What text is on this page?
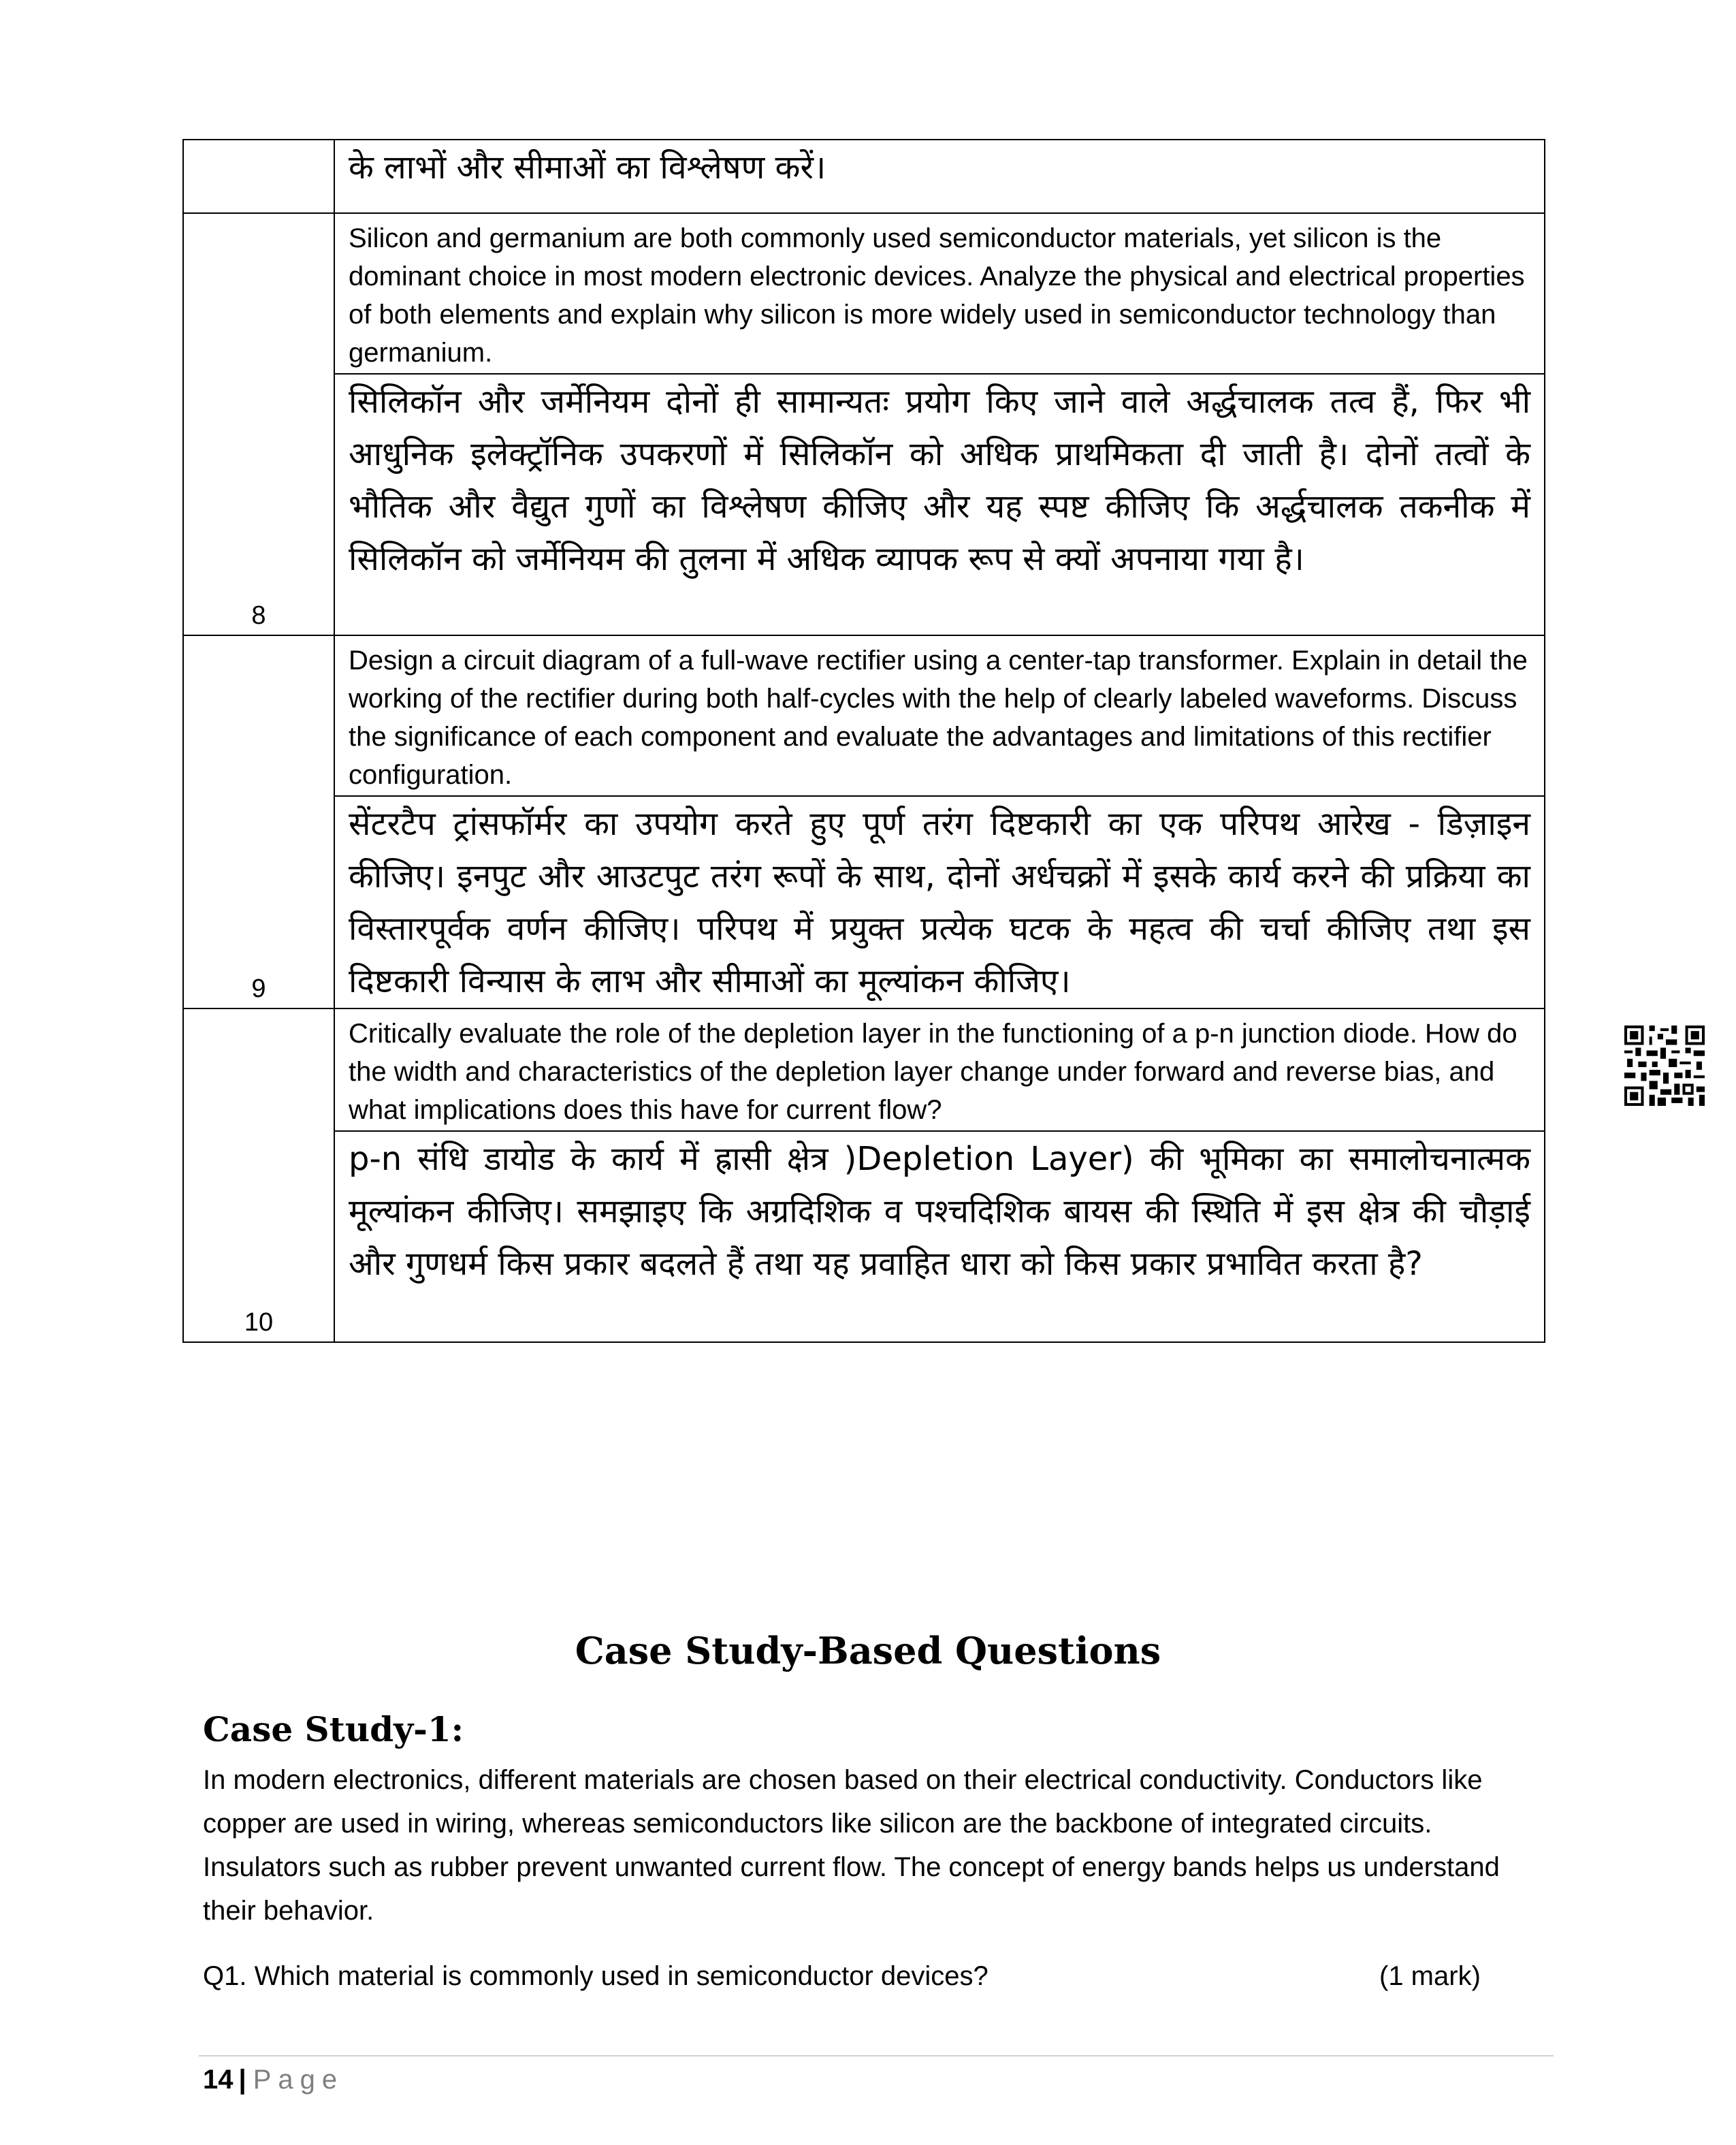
	के लाभों और सीमाओं का विश्लेषण करें।
	Silicon and germanium are both commonly used semiconductor materials, yet silicon is the dominant choice in most modern electronic devices. Analyze the physical and electrical properties of both elements and explain why silicon is more widely used in semiconductor technology than germanium.
8	सिलिकॉन और जर्मेनियम दोनों ही सामान्यतः प्रयोग किए जाने वाले अर्द्धचालक तत्व हैं, फिर भी आधुनिक इलेक्ट्रॉनिक उपकरणों में सिलिकॉन को अधिक प्राथमिकता दी जाती है। दोनों तत्वों के भौतिक और वैद्युत गुणों का विश्लेषण कीजिए और यह स्पष्ट कीजिए कि अर्द्धचालक तकनीक में सिलिकॉन को जर्मेनियम की तुलना में अधिक व्यापक रूप से क्यों अपनाया गया है।
	Design a circuit diagram of a full-wave rectifier using a center-tap transformer. Explain in detail the working of the rectifier during both half-cycles with the help of clearly labeled waveforms. Discuss the significance of each component and evaluate the advantages and limitations of this rectifier configuration.
9	सेंटरटैप ट्रांसफॉर्मर का उपयोग करते हुए पूर्ण तरंग दिष्टकारी का एक परिपथ आरेख - डिज़ाइन कीजिए। इनपुट और आउटपुट तरंग रूपों के साथ, दोनों अर्धचक्रों में इसके कार्य करने की प्रक्रिया का विस्तारपूर्वक वर्णन कीजिए। परिपथ में प्रयुक्त प्रत्येक घटक के महत्व की चर्चा कीजिए तथा इस दिष्टकारी विन्यास के लाभ और सीमाओं का मूल्यांकन कीजिए।
	Critically evaluate the role of the depletion layer in the functioning of a p-n junction diode. How do the width and characteristics of the depletion layer change under forward and reverse bias, and what implications does this have for current flow?
10	p-n संधि डायोड के कार्य में ह्रासी क्षेत्र )Depletion Layer) की भूमिका का समालोचनात्मक मूल्यांकन कीजिए। समझाइए कि अग्रदिशिक व पश्चदिशिक बायस की स्थिति में इस क्षेत्र की चौड़ाई और गुणधर्म किस प्रकार बदलते हैं तथा यह प्रवाहित धारा को किस प्रकार प्रभावित करता है?
Case Study-Based Questions
Case Study-1:
In modern electronics, different materials are chosen based on their electrical conductivity. Conductors like copper are used in wiring, whereas semiconductors like silicon are the backbone of integrated circuits. Insulators such as rubber prevent unwanted current flow. The concept of energy bands helps us understand their behavior.
Q1. Which material is commonly used in semiconductor devices?	(1 mark)
14 | Page
